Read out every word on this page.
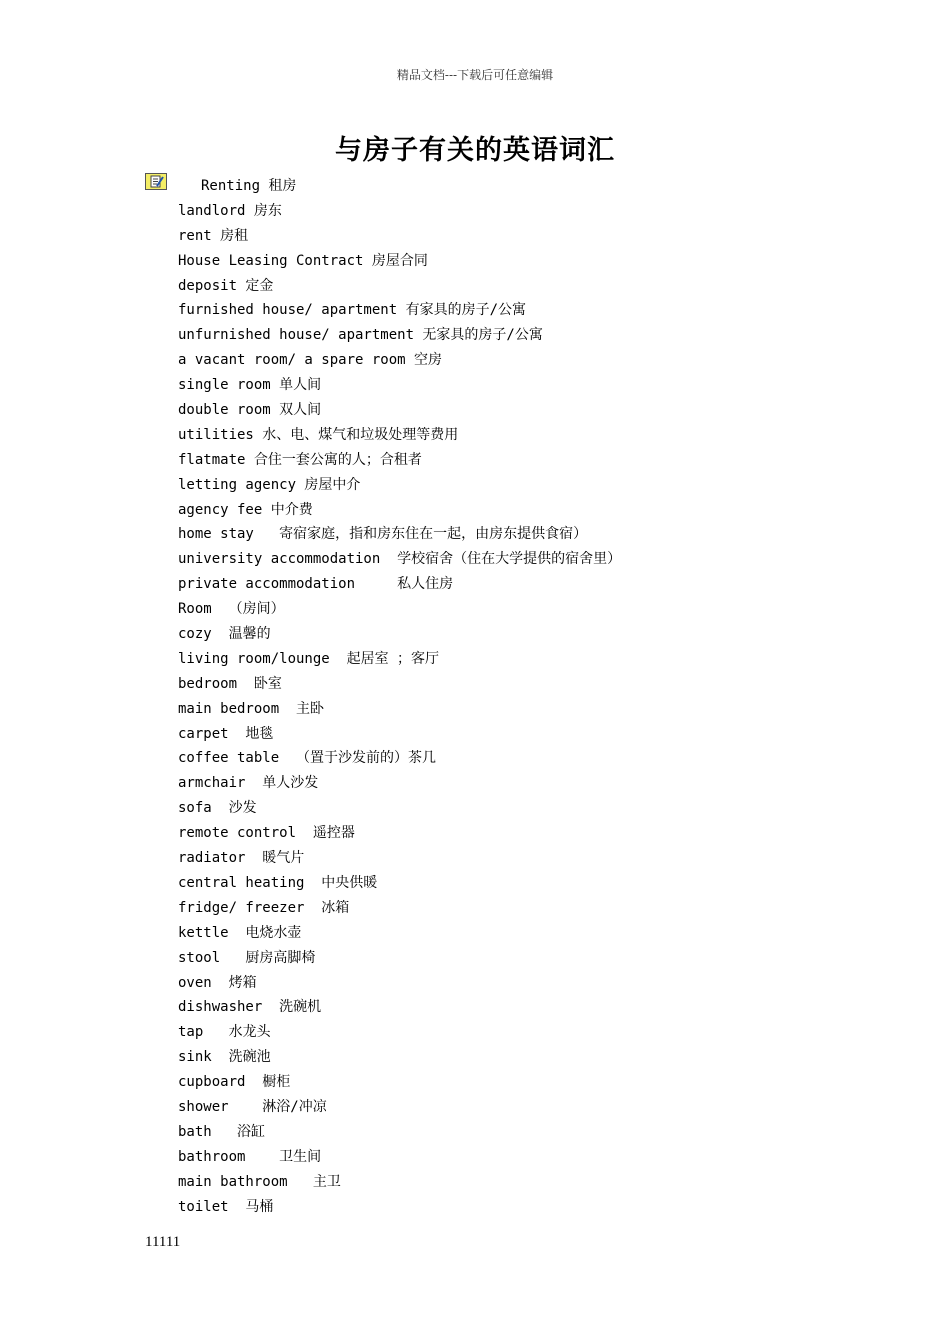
精品文档---下载后可任意编辑
与房子有关的英语词汇
Renting 租房
landlord 房东
rent 房租
House Leasing Contract 房屋合同
deposit 定金
furnished house/ apartment 有家具的房子/公寓
unfurnished house/ apartment 无家具的房子/公寓
a vacant room/ a spare room 空房
single room 单人间
double room 双人间
utilities 水、电、煤气和垃圾处理等费用
flatmate 合住一套公寓的人；合租者
letting agency 房屋中介
agency fee 中介费
home stay   寄宿家庭，指和房东住在一起，由房东提供食宿）
university accommodation  学校宿舍（住在大学提供的宿舍里）
private accommodation     私人住房
Room  （房间）
cozy  温馨的
living room/lounge  起居室 ；客厅
bedroom  卧室
main bedroom  主卧
carpet  地毯
coffee table  （置于沙发前的）茶几
armchair  单人沙发
sofa  沙发
remote control  遥控器
radiator  暖气片
central heating  中央供暖
fridge/ freezer  冰箱
kettle  电烧水壶
stool   厨房高脚椅
oven  烤箱
dishwasher  洗碗机
tap   水龙头
sink  洗碗池
cupboard  橱柜
shower    淋浴/冲凉
bath   浴缸
bathroom    卫生间
main bathroom   主卫
toilet  马桶
11111
